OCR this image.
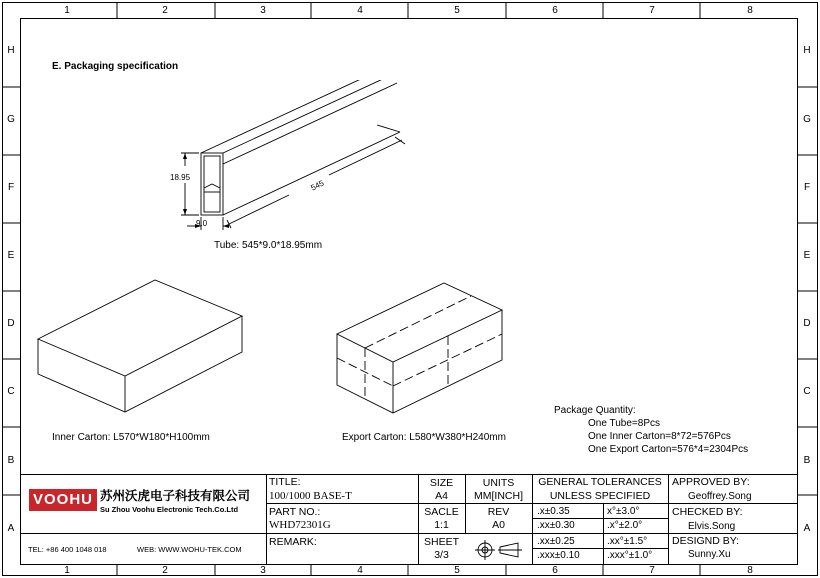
1	2	3	4	5	6	7	8
1	2	3	4	5	6	7	8
H
G
F
E
D
C
B
A
H
G
F
E
D
C
B
A
E. Packaging specification
18.95
9.0
545
Tube: 545*9.0*18.95mm
Inner Carton: L570*W180*H100mm	Export Carton: L580*W380*H240mm
Package Quantity:
One Tube=8Pcs
One Inner Carton=8*72=576Pcs
One Export Carton=576*4=2304Pcs
VOOHU 苏州沃虎电子科技有限公司
Su Zhou Voohu Electronic Tech.Co.Ltd
TEL: +86 400 1048 018	WEB: WWW.WOHU-TEK.COM
TITLE:
100/1000 BASE-T
PART NO.:
WHD72301G
REMARK:
SIZE
A4
UNITS
MM[INCH]
SACLE
1:1
REV
A0
SHEET
3/3
GENERAL TOLERANCES
UNLESS SPECIFIED
.x±0.35	x°±3.0°
.xx±0.30	.x°±2.0°
.xx±0.25	.xx°±1.5°
.xxx±0.10	.xxx°±1.0°
APPROVED BY:
Geoffrey.Song
CHECKED BY:
Elvis.Song
DESIGND BY:
Sunny.Xu
